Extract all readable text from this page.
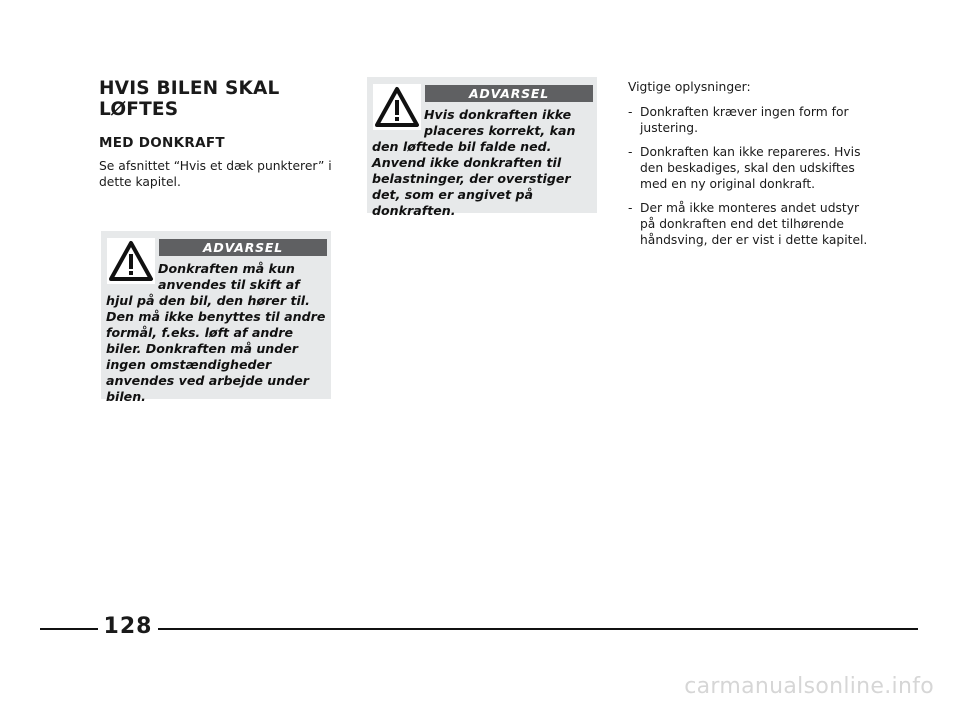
HVIS BILEN SKAL LØFTES
MED DONKRAFT

Se afsnittet “Hvis et dæk punkterer” i dette kapitel.

ADVARSEL
Donkraften må kun anvendes til skift af hjul på den bil, den hører til. Den må ikke benyttes til andre formål, f.eks. løft af andre biler. Donkraften må under ingen omstændigheder anvendes ved arbejde under bilen.
ADVARSEL
Hvis donkraften ikke placeres korrekt, kan den løftede bil falde ned. Anvend ikke donkraften til belastninger, der overstiger det, som er angivet på donkraften.

Vigtige oplysninger:

- Donkraften kræver ingen form for justering.
- Donkraften kan ikke repareres. Hvis den beskadiges, skal den udskiftes med en ny original donkraft.
- Der må ikke monteres andet udstyr på donkraften end det tilhørende håndsving, der er vist i dette kapitel.
128
carmanualsonline.info
